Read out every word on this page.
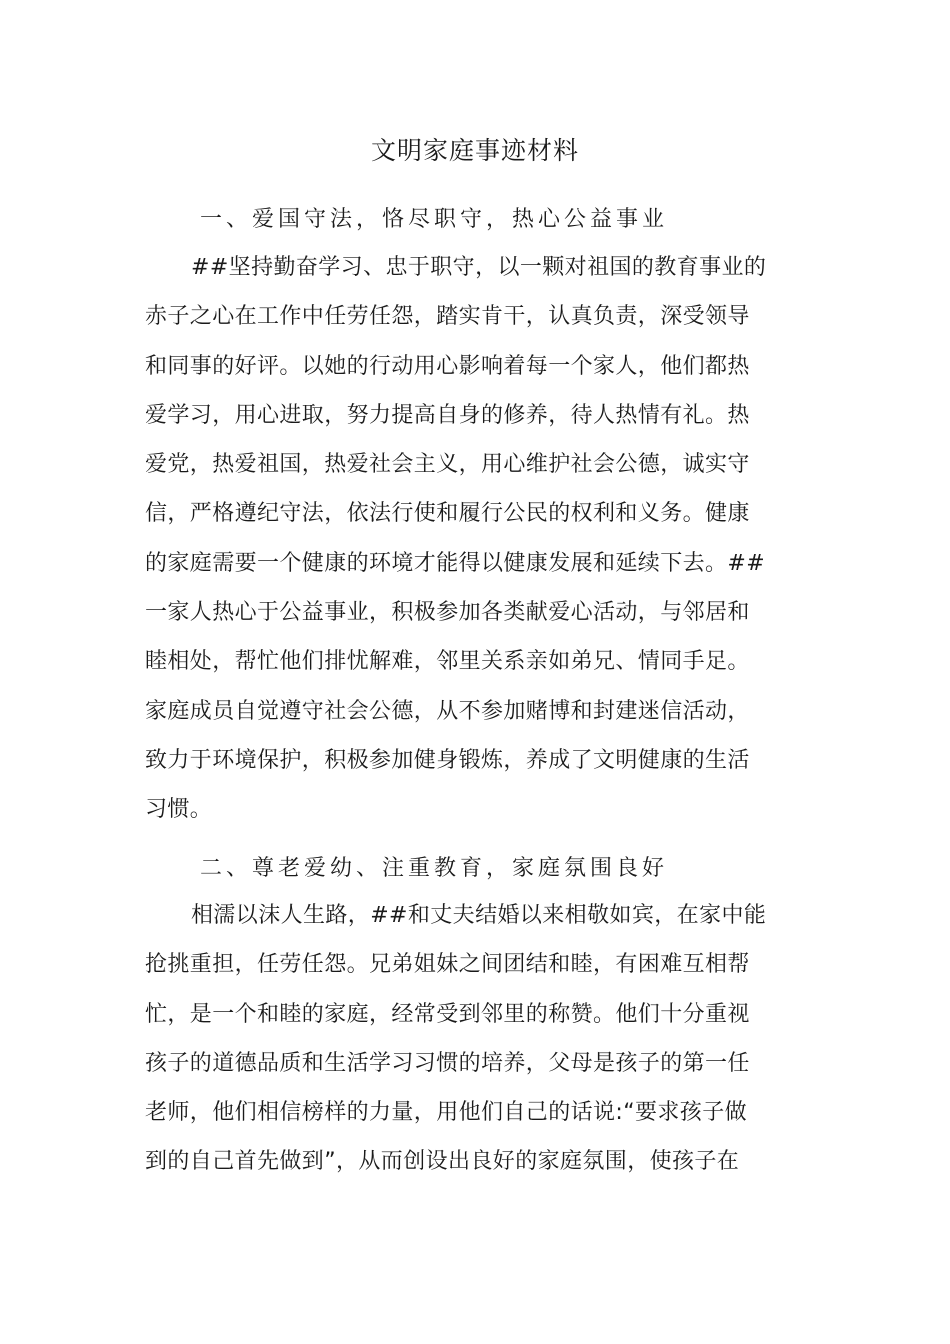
文明家庭事迹材料
一、爱国守法，恪尽职守，热心公益事业
##坚持勤奋学习、忠于职守，以一颗对祖国的教育事业的
赤子之心在工作中任劳任怨，踏实肯干，认真负责，深受领导
和同事的好评。以她的行动用心影响着每一个家人，他们都热
爱学习，用心进取，努力提高自身的修养，待人热情有礼。热
爱党，热爱祖国，热爱社会主义，用心维护社会公德，诚实守
信，严格遵纪守法，依法行使和履行公民的权利和义务。健康
的家庭需要一个健康的环境才能得以健康发展和延续下去。##
一家人热心于公益事业，积极参加各类献爱心活动，与邻居和
睦相处，帮忙他们排忧解难，邻里关系亲如弟兄、情同手足。
家庭成员自觉遵守社会公德，从不参加赌博和封建迷信活动，
致力于环境保护，积极参加健身锻炼，养成了文明健康的生活
习惯。
二、尊老爱幼、注重教育，家庭氛围良好
相濡以沫人生路，##和丈夫结婚以来相敬如宾，在家中能
抢挑重担，任劳任怨。兄弟姐妹之间团结和睦，有困难互相帮
忙，是一个和睦的家庭，经常受到邻里的称赞。他们十分重视
孩子的道德品质和生活学习习惯的培养，父母是孩子的第一任
老师，他们相信榜样的力量，用他们自己的话说:“要求孩子做
到的自己首先做到”，从而创设出良好的家庭氛围，使孩子在
